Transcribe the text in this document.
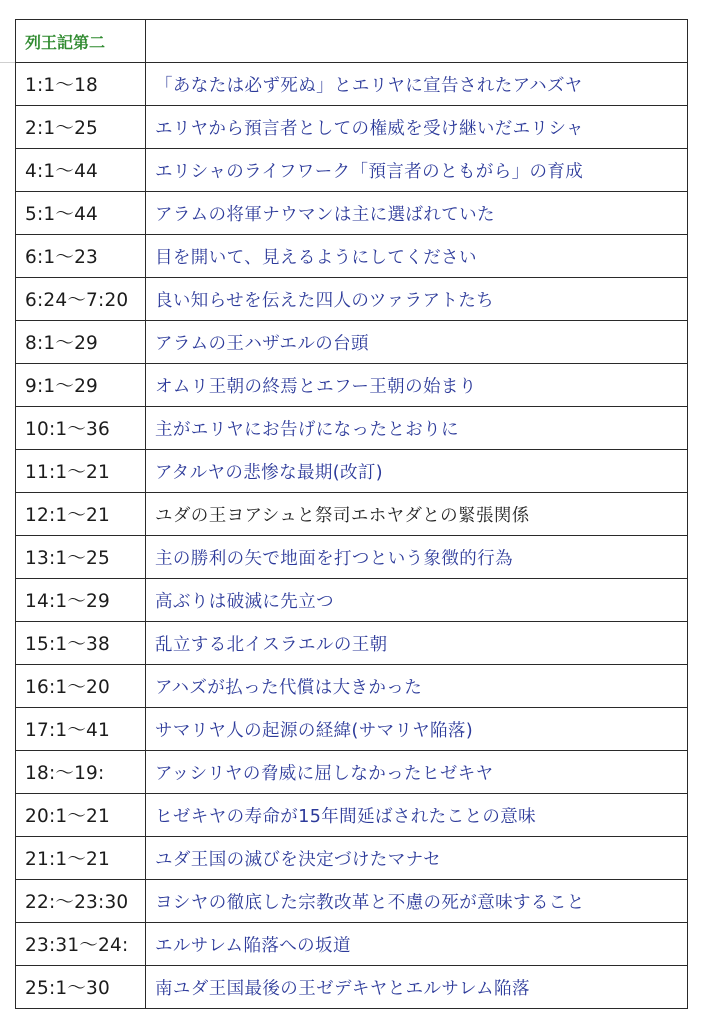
列王記第二	
1:1〜18	「あなたは必ず死ぬ」とエリヤに宣告されたアハズヤ
2:1〜25	エリヤから預言者としての権威を受け継いだエリシャ
4:1〜44	エリシャのライフワーク「預言者のともがら」の育成
5:1〜44	アラムの将軍ナウマンは主に選ばれていた
6:1〜23	目を開いて、見えるようにしてください
6:24〜7:20	良い知らせを伝えた四人のツァラアトたち
8:1〜29	アラムの王ハザエルの台頭
9:1〜29	オムリ王朝の終焉とエフー王朝の始まり
10:1〜36	主がエリヤにお告げになったとおりに
11:1〜21	アタルヤの悲惨な最期(改訂)
12:1〜21	ユダの王ヨアシュと祭司エホヤダとの緊張関係
13:1〜25	主の勝利の矢で地面を打つという象徴的行為
14:1〜29	高ぶりは破滅に先立つ
15:1〜38	乱立する北イスラエルの王朝
16:1〜20	アハズが払った代償は大きかった
17:1〜41	サマリヤ人の起源の経緯(サマリヤ陥落)
18:〜19:	アッシリヤの脅威に屈しなかったヒゼキヤ
20:1〜21	ヒゼキヤの寿命が15年間延ばされたことの意味
21:1〜21	ユダ王国の滅びを決定づけたマナセ
22:〜23:30	ヨシヤの徹底した宗教改革と不慮の死が意味すること
23:31〜24:	エルサレム陥落への坂道
25:1〜30	南ユダ王国最後の王ゼデキヤとエルサレム陥落
